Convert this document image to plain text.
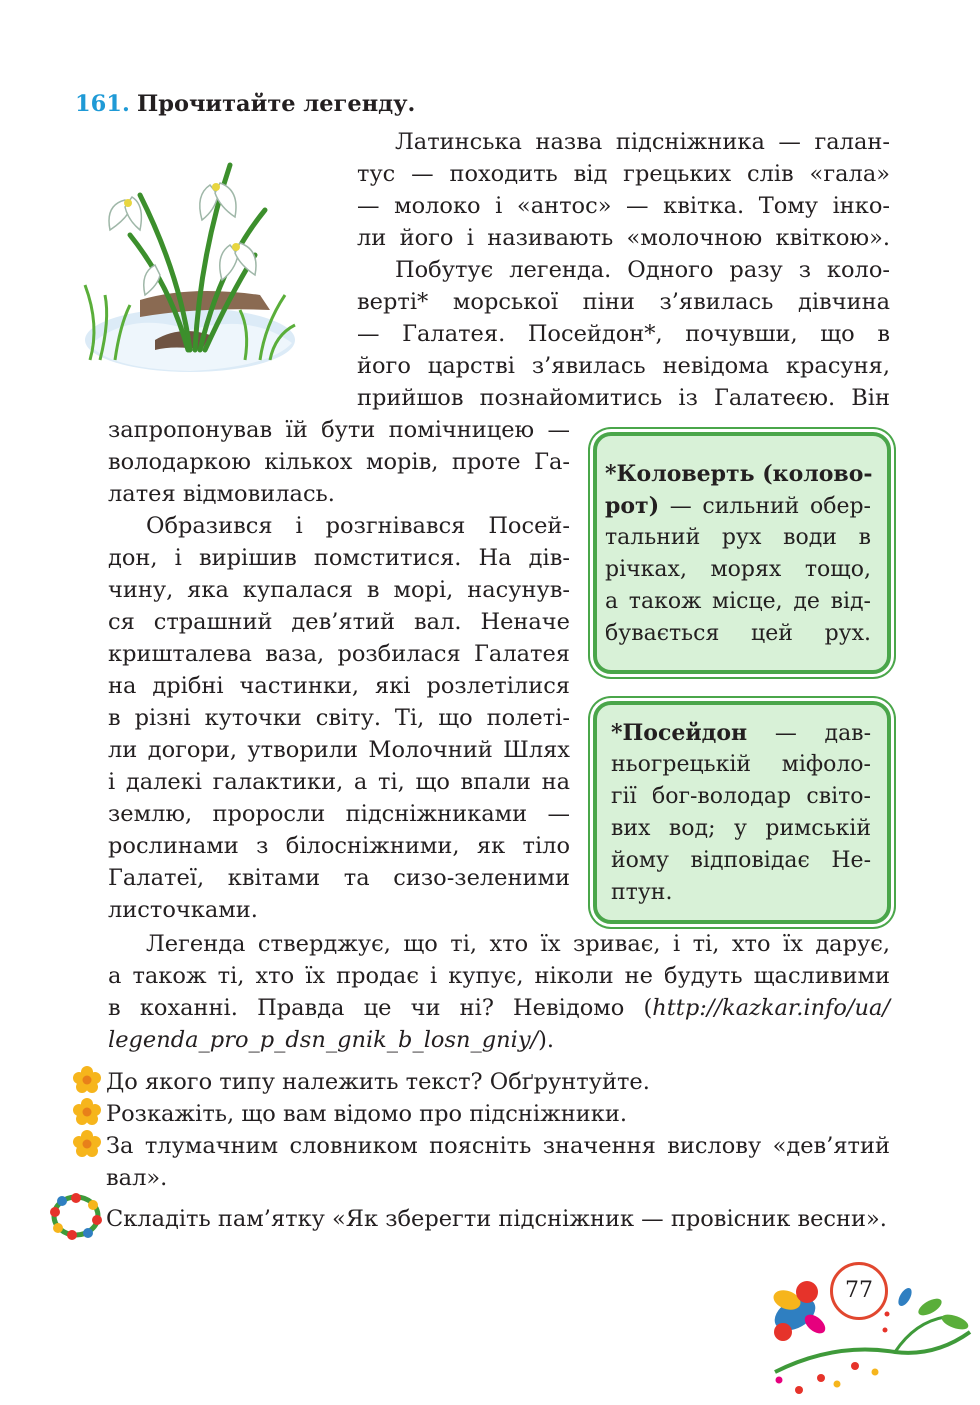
161. Прочитайте легенду.
Латинська назва підсніжника — галан-
тус — походить від грецьких слів «гала»
— молоко і «антос» — квітка. Тому інко-
ли його і називають «молочною квіткою».
Побутує легенда. Одного разу з коло-
верті* морської піни з’явилась дівчина
— Галатея. Посейдон*, почувши, що в
його царстві з’явилась невідома красуня,
прийшов познайомитись із Галатеєю. Він
запропонував їй бути помічницею —
володаркою кількох морів, проте Га-
латея відмовилась.
Образився і розгнівався Посей-
дон, і вирішив помститися. На дів-
чину, яка купалася в морі, насунув-
ся страшний дев’ятий вал. Неначе
кришталева ваза, розбилася Галатея
на дрібні частинки, які розлетілися
в різні куточки світу. Ті, що полеті-
ли догори, утворили Молочний Шлях
і далекі галактики, а ті, що впали на
землю, проросли підсніжниками —
рослинами з білосніжними, як тіло
Галатеї, квітами та сизо-зеленими
листочками.
Легенда стверджує, що ті, хто їх зриває, і ті, хто їх дарує,
а також ті, хто їх продає і купує, ніколи не будуть щасливими
в коханні. Правда це чи ні? Невідомо (http://kazkar.info/ua/
legenda_pro_p_dsn_gnik_b_losn_gniy/).
*Коловерть (колово-
рот) — сильний обер-
тальний рух води в
річках, морях тощо,
а також місце, де від-
бувається цей рух.
*Посейдон — дав-
ньогрецькій міфоло-
гії бог-володар світо-
вих вод; у римській
йому відповідає Не-
птун.
До якого типу належить текст? Обґрунтуйте.
Розкажіть, що вам відомо про підсніжники.
За тлумачним словником поясніть значення вислову «дев’ятий
вал».
Складіть пам’ятку «Як зберегти підсніжник — провісник весни».
77
